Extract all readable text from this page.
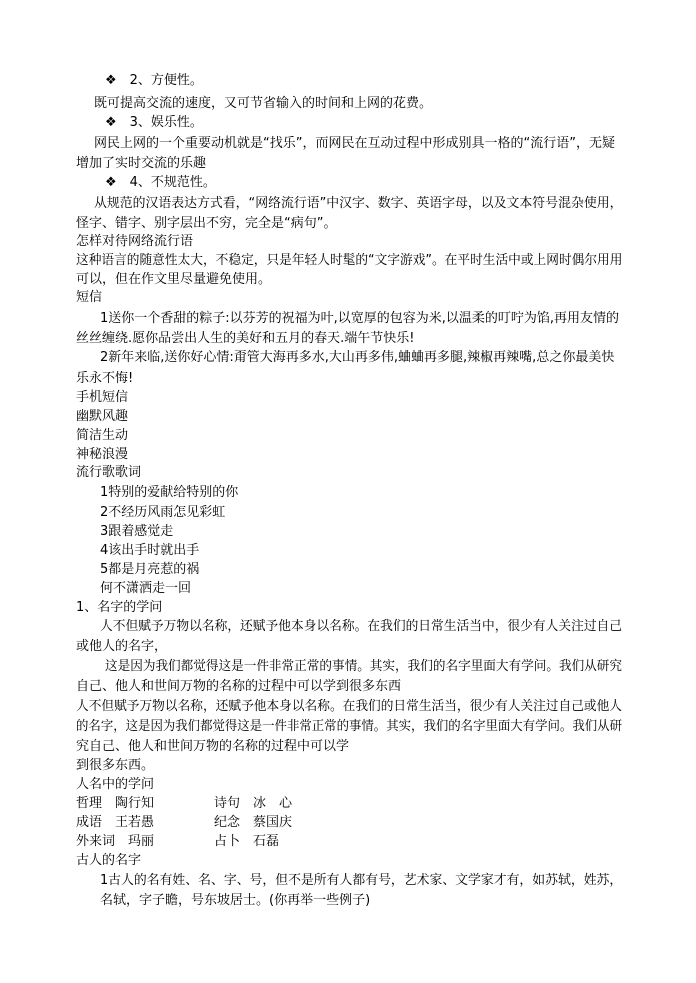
❖　2、方便性。
既可提高交流的速度，又可节省输入的时间和上网的花费。
❖　3、娱乐性。
网民上网的一个重要动机就是“找乐”，而网民在互动过程中形成别具一格的“流行语”，无疑
增加了实时交流的乐趣
❖　4、不规范性。
从规范的汉语表达方式看，“网络流行语”中汉字、数字、英语字母，以及文本符号混杂使用，
怪字、错字、别字层出不穷，完全是“病句”。
怎样对待网络流行语
这种语言的随意性太大，不稳定，只是年轻人时髦的“文字游戏”。在平时生活中或上网时偶尔用用
可以，但在作文里尽量避免使用。
短信
1送你一个香甜的粽子:以芬芳的祝福为叶,以宽厚的包容为米,以温柔的叮咛为馅,再用友情的
丝丝缠绕.愿你品尝出人生的美好和五月的春天.端午节快乐!
2新年来临,送你好心情:甭管大海再多水,大山再多伟,蛐蛐再多腿,辣椒再辣嘴,总之你最美快
乐永不悔!
手机短信
幽默风趣
简洁生动
神秘浪漫
流行歌歌词
1特别的爱献给特别的你
2不经历风雨怎见彩虹
3跟着感觉走
4该出手时就出手
5都是月亮惹的祸
何不潇洒走一回
1、名字的学问
人不但赋予万物以名称，还赋予他本身以名称。在我们的日常生活当中，很少有人关注过自己
或他人的名字，
这是因为我们都觉得这是一件非常正常的事情。其实，我们的名字里面大有学问。我们从研究
自己、他人和世间万物的名称的过程中可以学到很多东西
人不但赋予万物以名称，还赋予他本身以名称。在我们的日常生活当，很少有人关注过自己或他人
的名字，这是因为我们都觉得这是一件非常正常的事情。其实，我们的名字里面大有学问。我们从研
究自己、他人和世间万物的名称的过程中可以学
到很多东西。
人名中的学问
哲理　陶行知	诗句　冰　心
成语　王若愚	纪念　蔡国庆
外来词　玛丽	占卜　石磊
古人的名字
1古人的名有姓、名、字、号，但不是所有人都有号，艺术家、文学家才有，如苏轼，姓苏，
名轼，字子瞻，号东坡居士。(你再举一些例子)
